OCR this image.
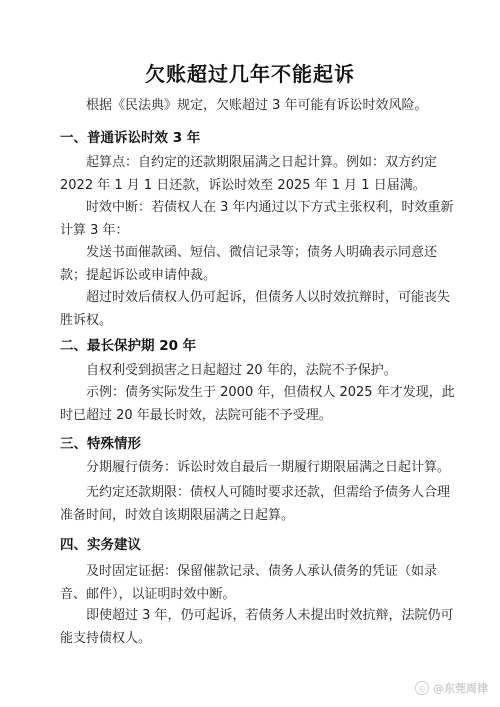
欠账超过几年不能起诉
根据《民法典》规定，欠账超过 3 年可能有诉讼时效风险。
一、普通诉讼时效 3 年
起算点：自约定的还款期限届满之日起计算。例如：双方约定 2022 年 1 月 1 日还款，诉讼时效至 2025 年 1 月 1 日届满。
时效中断：若债权人在 3 年内通过以下方式主张权利，时效重新计算 3 年：
发送书面催款函、短信、微信记录等；债务人明确表示同意还款；提起诉讼或申请仲裁。
超过时效后债权人仍可起诉，但债务人以时效抗辩时，可能丧失胜诉权。
二、最长保护期 20 年
自权利受到损害之日起超过 20 年的，法院不予保护。
示例：债务实际发生于 2000 年，但债权人 2025 年才发现，此时已超过 20 年最长时效，法院可能不予受理。
三、特殊情形
分期履行债务：诉讼时效自最后一期履行期限届满之日起计算。
无约定还款期限：债权人可随时要求还款，但需给予债务人合理准备时间，时效自该期限届满之日起算。
四、实务建议
及时固定证据：保留催款记录、债务人承认债务的凭证（如录音、邮件），以证明时效中断。
即使超过 3 年，仍可起诉，若债务人未提出时效抗辩，法院仍可能支持债权人。
◎ @东莞周律
